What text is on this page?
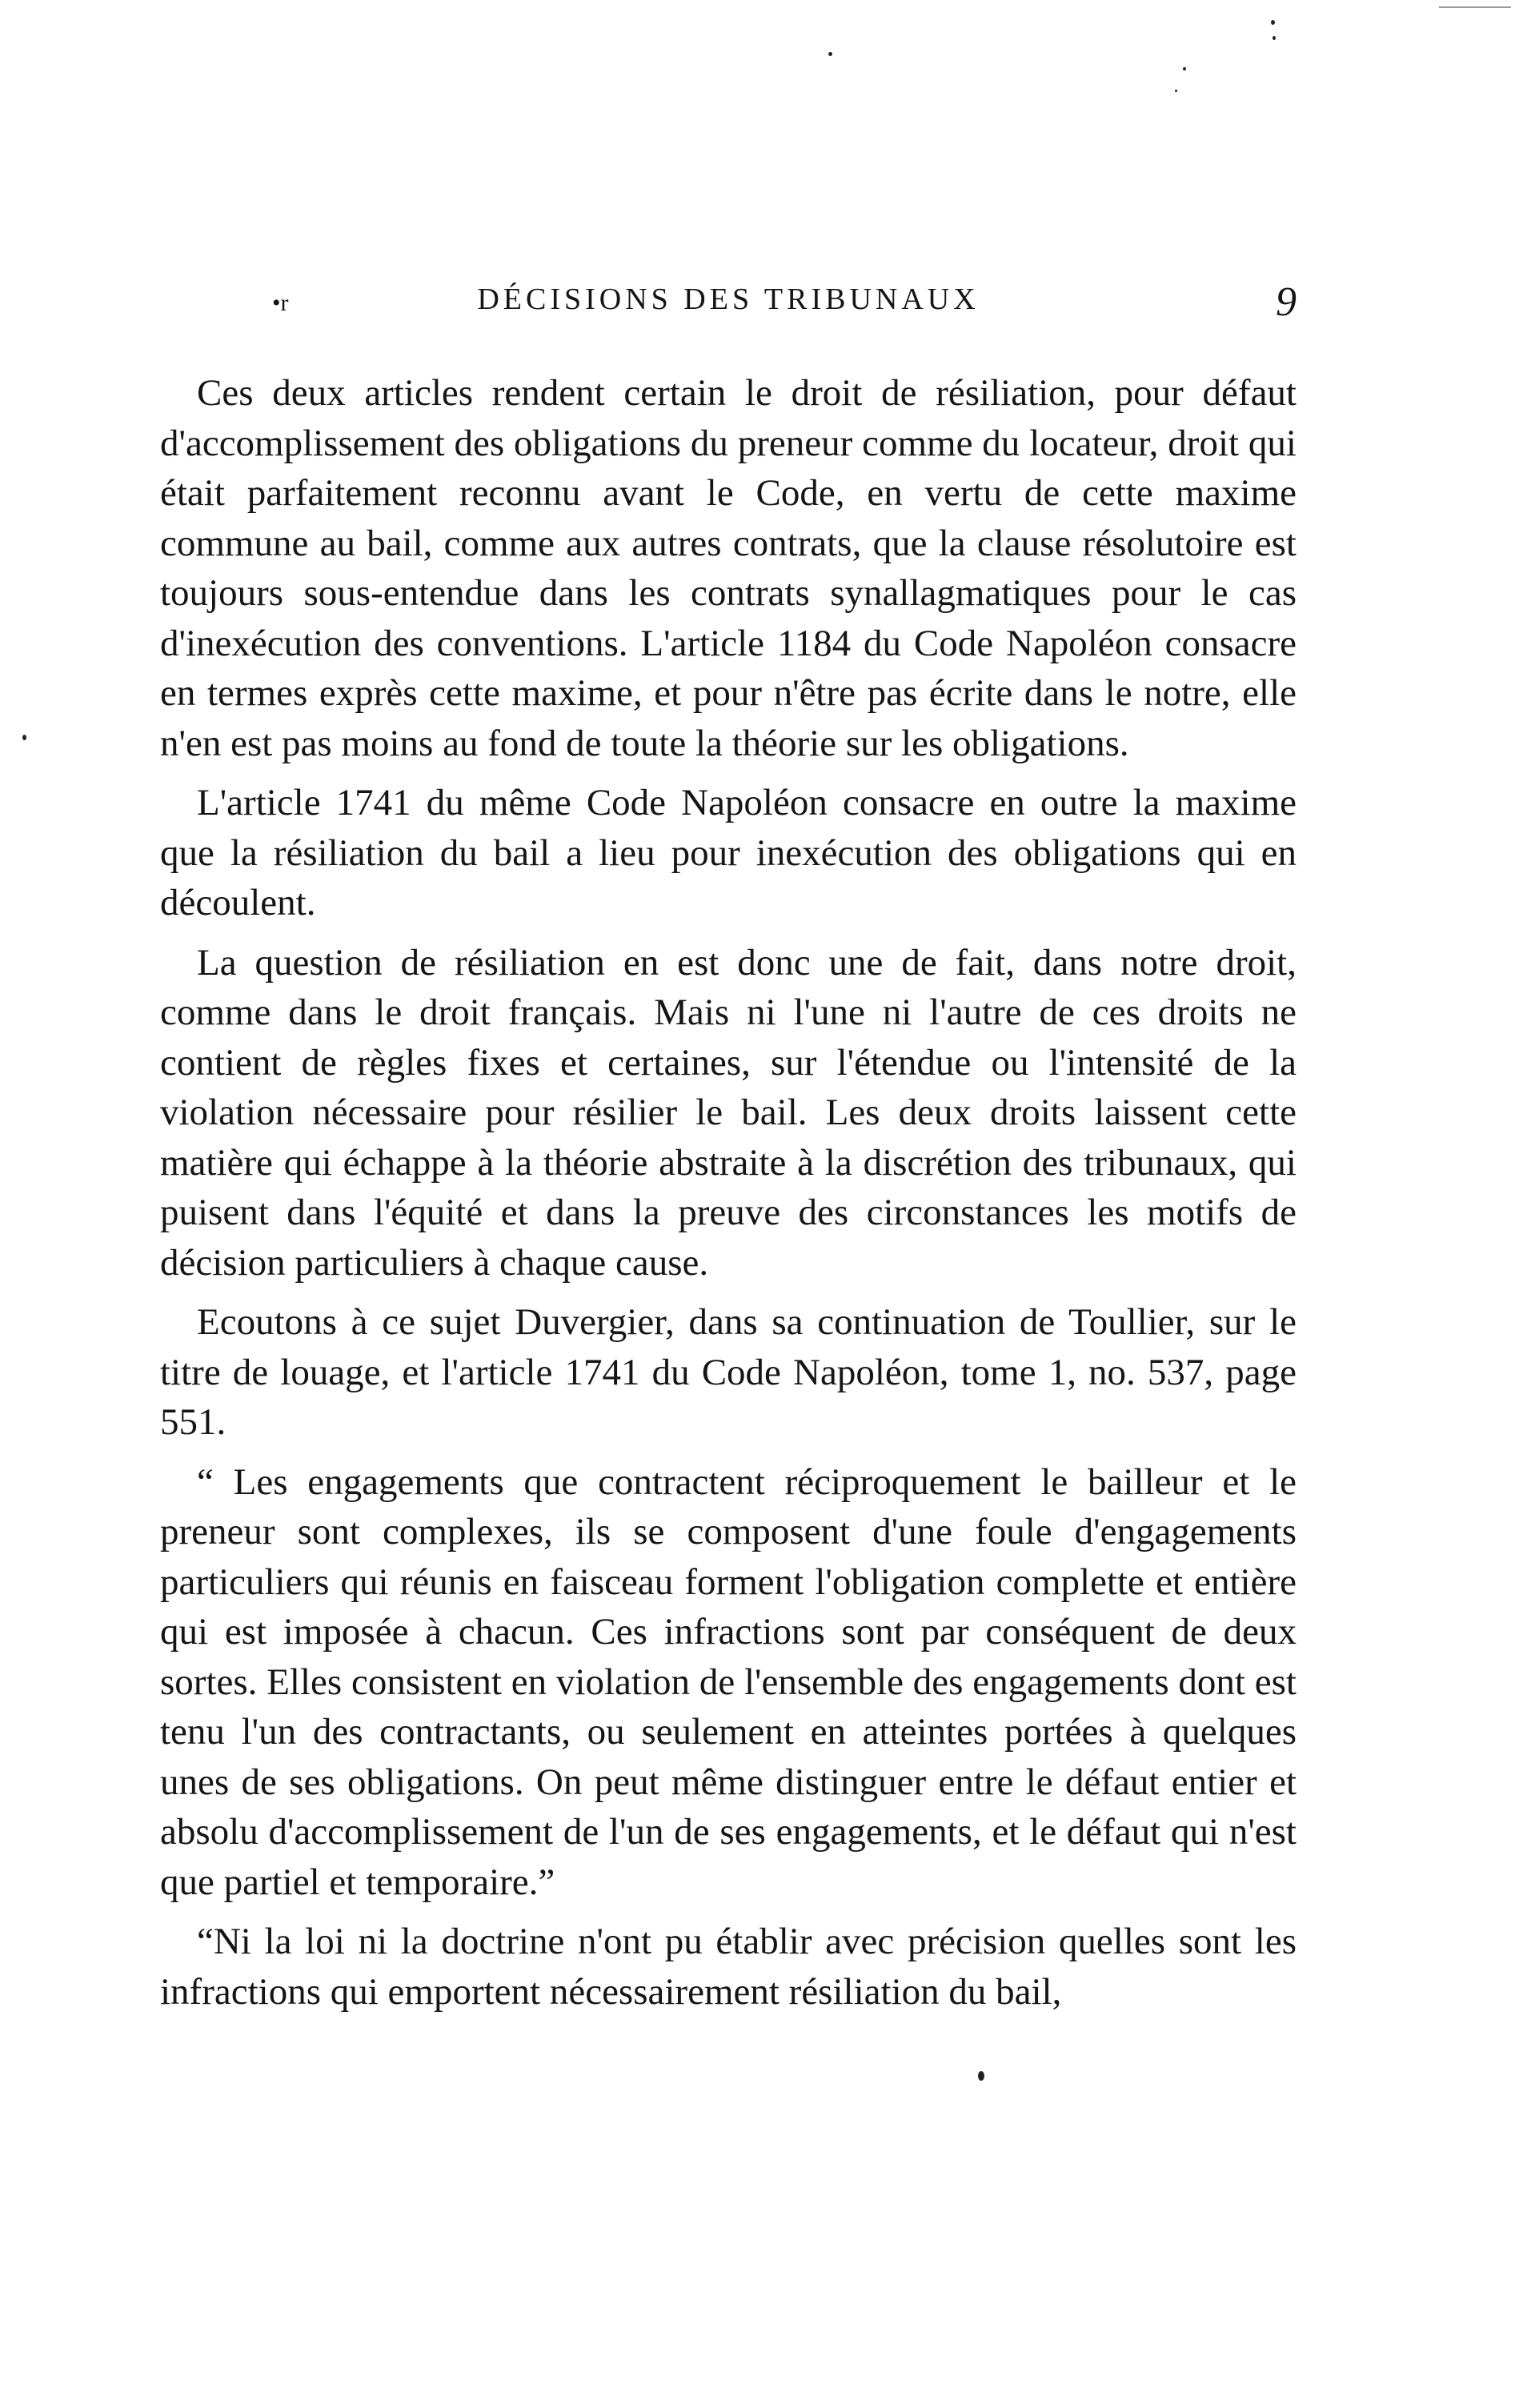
•r	DÉCISIONS DES TRIBUNAUX	9

Ces deux articles rendent certain le droit de résiliation, pour défaut d'accomplissement des obligations du preneur comme du locateur, droit qui était parfaitement reconnu avant le Code, en vertu de cette maxime commune au bail, comme aux autres contrats, que la clause résolutoire est toujours sous-entendue dans les contrats synallagmatiques pour le cas d'inexécution des conventions. L'article 1184 du Code Napoléon consacre en termes exprès cette maxime, et pour n'être pas écrite dans le notre, elle n'en est pas moins au fond de toute la théorie sur les obligations.

L'article 1741 du même Code Napoléon consacre en outre la maxime que la résiliation du bail a lieu pour inexécution des obligations qui en découlent.

La question de résiliation en est donc une de fait, dans notre droit, comme dans le droit français. Mais ni l'une ni l'autre de ces droits ne contient de règles fixes et certaines, sur l'étendue ou l'intensité de la violation nécessaire pour résilier le bail. Les deux droits laissent cette matière qui échappe à la théorie abstraite à la discrétion des tribunaux, qui puisent dans l'équité et dans la preuve des circonstances les motifs de décision particuliers à chaque cause.

Ecoutons à ce sujet Duvergier, dans sa continuation de Toullier, sur le titre de louage, et l'article 1741 du Code Napoléon, tome 1, no. 537, page 551.

“ Les engagements que contractent réciproquement le bailleur et le preneur sont complexes, ils se composent d'une foule d'engagements particuliers qui réunis en faisceau forment l'obligation complette et entière qui est imposée à chacun. Ces infractions sont par conséquent de deux sortes. Elles consistent en violation de l'ensemble des engagements dont est tenu l'un des contractants, ou seulement en atteintes portées à quelques unes de ses obligations. On peut même distinguer entre le défaut entier et absolu d'accomplissement de l'un de ses engagements, et le défaut qui n'est que partiel et temporaire.”

“Ni la loi ni la doctrine n'ont pu établir avec précision quelles sont les infractions qui emportent nécessairement résiliation du bail,
